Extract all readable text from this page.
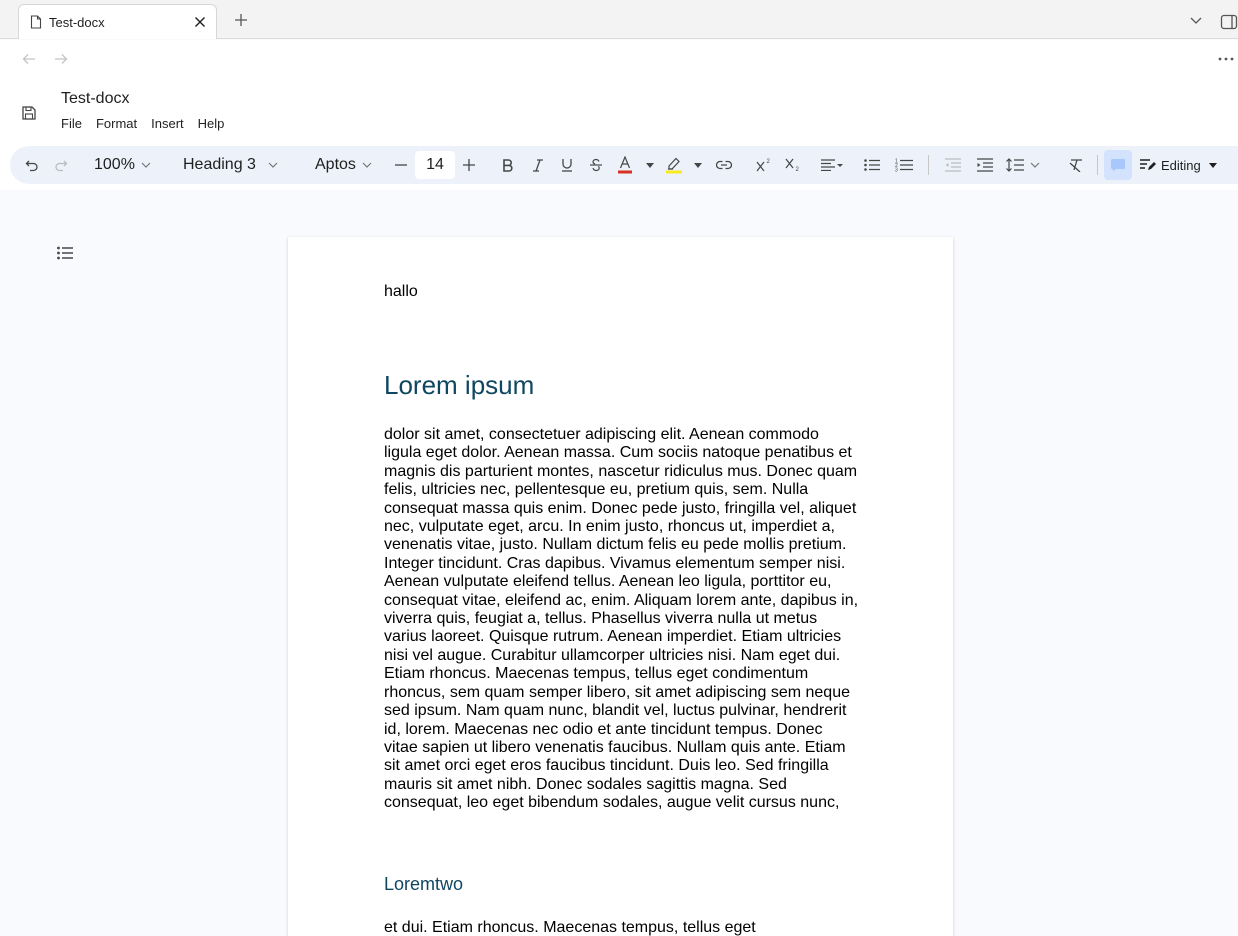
Test-docx
Test-docx
File Format Insert Help
100%	Heading 3	Aptos	14	2
2
1
2
3	Editing
hallo
Lorem ipsum
dolor sit amet, consectetuer adipiscing elit. Aenean commodo ligula eget dolor. Aenean massa. Cum sociis natoque penatibus et magnis dis parturient montes, nascetur ridiculus mus. Donec quam felis, ultricies nec, pellentesque eu, pretium quis, sem. Nulla consequat massa quis enim. Donec pede justo, fringilla vel, aliquet nec, vulputate eget, arcu. In enim justo, rhoncus ut, imperdiet a, venenatis vitae, justo. Nullam dictum felis eu pede mollis pretium. Integer tincidunt. Cras dapibus. Vivamus elementum semper nisi. Aenean vulputate eleifend tellus. Aenean leo ligula, porttitor eu, consequat vitae, eleifend ac, enim. Aliquam lorem ante, dapibus in, viverra quis, feugiat a, tellus. Phasellus viverra nulla ut metus varius laoreet. Quisque rutrum. Aenean imperdiet. Etiam ultricies nisi vel augue. Curabitur ullamcorper ultricies nisi. Nam eget dui. Etiam rhoncus. Maecenas tempus, tellus eget condimentum rhoncus, sem quam semper libero, sit amet adipiscing sem neque sed ipsum. Nam quam nunc, blandit vel, luctus pulvinar, hendrerit id, lorem. Maecenas nec odio et ante tincidunt tempus. Donec vitae sapien ut libero venenatis faucibus. Nullam quis ante. Etiam sit amet orci eget eros faucibus tincidunt. Duis leo. Sed fringilla mauris sit amet nibh. Donec sodales sagittis magna. Sed consequat, leo eget bibendum sodales, augue velit cursus nunc,
Loremtwo
et dui. Etiam rhoncus. Maecenas tempus, tellus eget
